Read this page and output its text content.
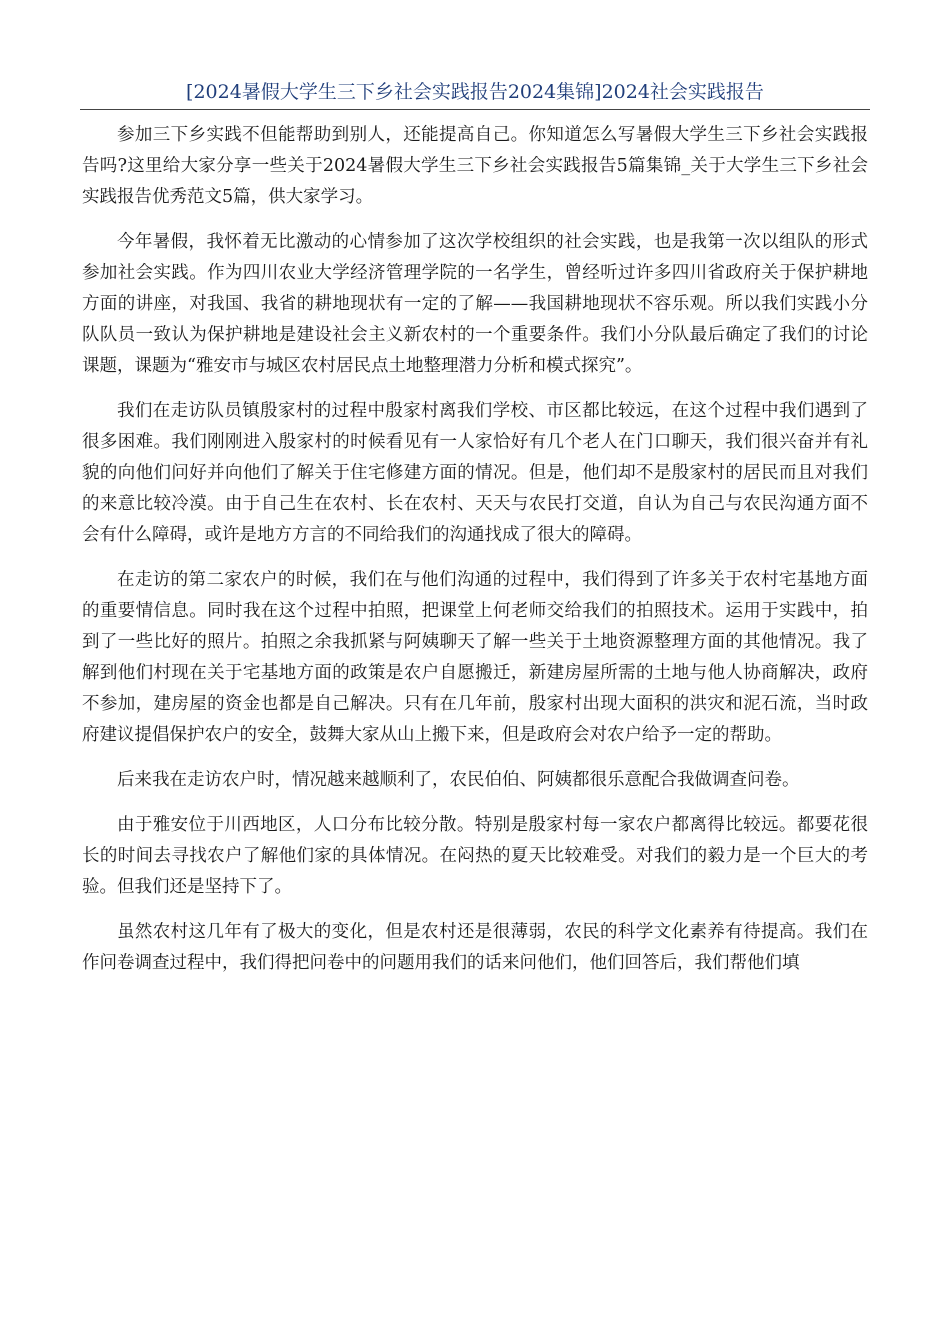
[2024暑假大学生三下乡社会实践报告2024集锦]2024社会实践报告

参加三下乡实践不但能帮助到别人，还能提高自己。你知道怎么写暑假大学生三下乡社会实践报告吗?这里给大家分享一些关于2024暑假大学生三下乡社会实践报告5篇集锦_关于大学生三下乡社会实践报告优秀范文5篇，供大家学习。

今年暑假，我怀着无比激动的心情参加了这次学校组织的社会实践，也是我第一次以组队的形式参加社会实践。作为四川农业大学经济管理学院的一名学生，曾经听过许多四川省政府关于保护耕地方面的讲座，对我国、我省的耕地现状有一定的了解——我国耕地现状不容乐观。所以我们实践小分队队员一致认为保护耕地是建设社会主义新农村的一个重要条件。我们小分队最后确定了我们的讨论课题，课题为“雅安市与城区农村居民点土地整理潜力分析和模式探究”。

我们在走访队员镇殷家村的过程中殷家村离我们学校、市区都比较远，在这个过程中我们遇到了很多困难。我们刚刚进入殷家村的时候看见有一人家恰好有几个老人在门口聊天，我们很兴奋并有礼貌的向他们问好并向他们了解关于住宅修建方面的情况。但是，他们却不是殷家村的居民而且对我们的来意比较冷漠。由于自己生在农村、长在农村、天天与农民打交道，自认为自己与农民沟通方面不会有什么障碍，或许是地方方言的不同给我们的沟通找成了很大的障碍。

在走访的第二家农户的时候，我们在与他们沟通的过程中，我们得到了许多关于农村宅基地方面的重要情信息。同时我在这个过程中拍照，把课堂上何老师交给我们的拍照技术。运用于实践中，拍到了一些比好的照片。拍照之余我抓紧与阿姨聊天了解一些关于土地资源整理方面的其他情况。我了解到他们村现在关于宅基地方面的政策是农户自愿搬迁，新建房屋所需的土地与他人协商解决，政府不参加，建房屋的资金也都是自己解决。只有在几年前，殷家村出现大面积的洪灾和泥石流，当时政府建议提倡保护农户的安全，鼓舞大家从山上搬下来，但是政府会对农户给予一定的帮助。

后来我在走访农户时，情况越来越顺利了，农民伯伯、阿姨都很乐意配合我做调查问卷。

由于雅安位于川西地区，人口分布比较分散。特别是殷家村每一家农户都离得比较远。都要花很长的时间去寻找农户了解他们家的具体情况。在闷热的夏天比较难受。对我们的毅力是一个巨大的考验。但我们还是坚持下了。

虽然农村这几年有了极大的变化，但是农村还是很薄弱，农民的科学文化素养有待提高。我们在作问卷调查过程中，我们得把问卷中的问题用我们的话来问他们，他们回答后，我们帮他们填
